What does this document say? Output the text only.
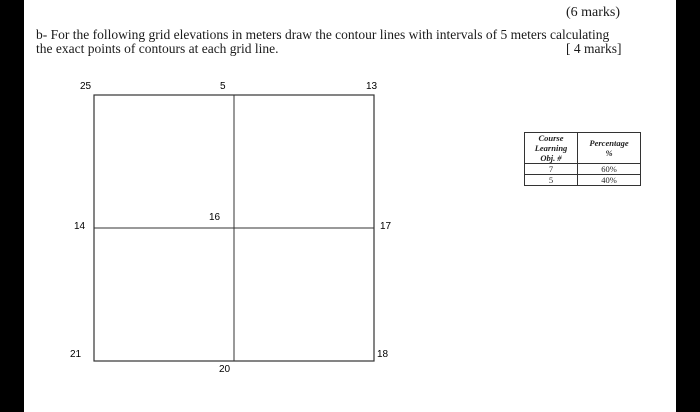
(6 marks)
b- For the following grid elevations in meters draw the contour lines with intervals of 5 meters calculating
the exact points of contours at each grid line.	[ 4 marks]
25	5	13
14
16
17
21
20
18
Course
Learning
Obj. #	Percentage
%
7	60%
5	40%
